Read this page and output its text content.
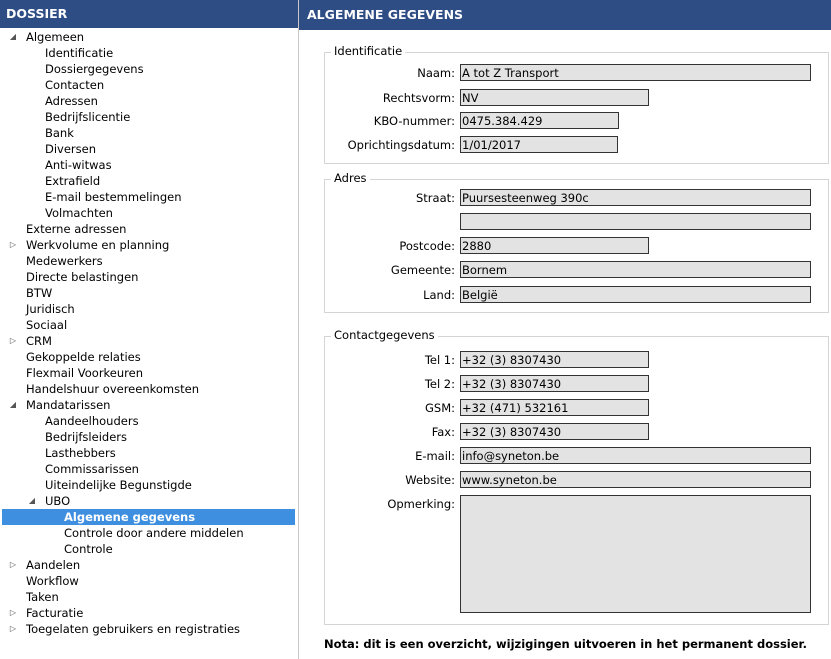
DOSSIER
◢ Algemeen
Identificatie
Dossiergegevens
Contacten
Adressen
Bedrijfslicentie
Bank
Diversen
Anti-witwas
Extrafield
E-mail bestemmelingen
Volmachten
Externe adressen
▷ Werkvolume en planning
Medewerkers
Directe belastingen
BTW
Juridisch
Sociaal
▷ CRM
Gekoppelde relaties
Flexmail Voorkeuren
Handelshuur overeenkomsten
◢ Mandatarissen
Aandeelhouders
Bedrijfsleiders
Lasthebbers
Commissarissen
Uiteindelijke Begunstigde
◢ UBO
Algemene gegevens
Controle door andere middelen
Controle
▷ Aandelen
Workflow
Taken
▷ Facturatie
▷ Toegelaten gebruikers en registraties
ALGEMENE GEGEVENS
Identificatie
Naam: A tot Z Transport
Rechtsvorm: NV
KBO-nummer: 0475.384.429
Oprichtingsdatum: 1/01/2017
Adres
Straat: Puursesteenweg 390c
Postcode: 2880
Gemeente: Bornem
Land: België
Contactgegevens
Tel 1: +32 (3) 8307430
Tel 2: +32 (3) 8307430
GSM: +32 (471) 532161
Fax: +32 (3) 8307430
E-mail: info@syneton.be
Website: www.syneton.be
Opmerking:
Nota: dit is een overzicht, wijzigingen uitvoeren in het permanent dossier.
